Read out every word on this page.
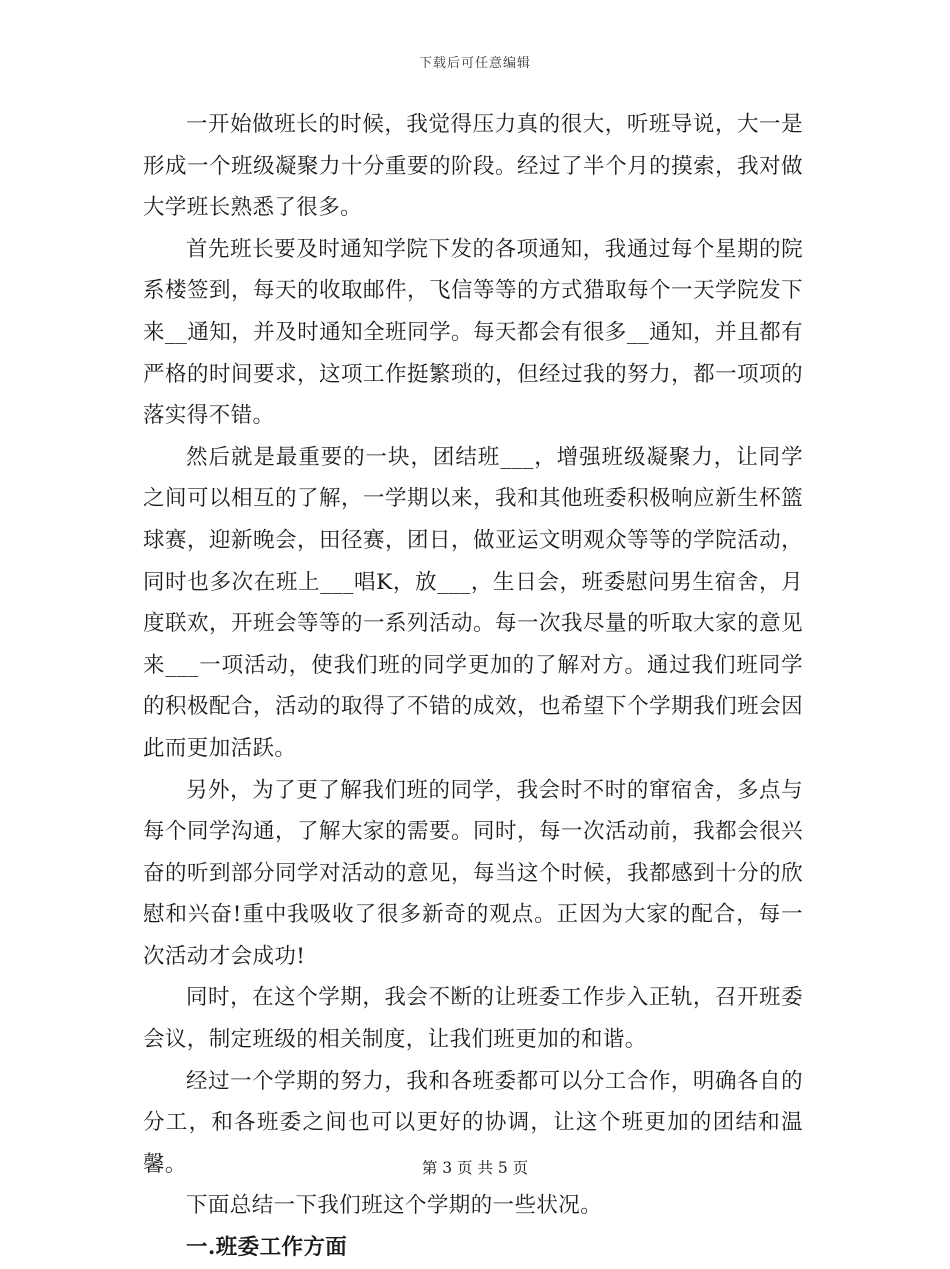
下载后可任意编辑

一开始做班长的时候，我觉得压力真的很大，听班导说，大一是形成一个班级凝聚力十分重要的阶段。经过了半个月的摸索，我对做大学班长熟悉了很多。

首先班长要及时通知学院下发的各项通知，我通过每个星期的院系楼签到，每天的收取邮件，飞信等等的方式猎取每个一天学院发下来__通知，并及时通知全班同学。每天都会有很多__通知，并且都有严格的时间要求，这项工作挺繁琐的，但经过我的努力，都一项项的落实得不错。

然后就是最重要的一块，团结班___，增强班级凝聚力，让同学之间可以相互的了解，一学期以来，我和其他班委积极响应新生杯篮球赛，迎新晚会，田径赛，团日，做亚运文明观众等等的学院活动，同时也多次在班上___唱K，放___，生日会，班委慰问男生宿舍，月度联欢，开班会等等的一系列活动。每一次我尽量的听取大家的意见来___一项活动，使我们班的同学更加的了解对方。通过我们班同学的积极配合，活动的取得了不错的成效，也希望下个学期我们班会因此而更加活跃。

另外，为了更了解我们班的同学，我会时不时的窜宿舍，多点与每个同学沟通，了解大家的需要。同时，每一次活动前，我都会很兴奋的听到部分同学对活动的意见，每当这个时候，我都感到十分的欣慰和兴奋!重中我吸收了很多新奇的观点。正因为大家的配合，每一次活动才会成功!

同时，在这个学期，我会不断的让班委工作步入正轨，召开班委会议，制定班级的相关制度，让我们班更加的和谐。

经过一个学期的努力，我和各班委都可以分工合作，明确各自的分工，和各班委之间也可以更好的协调，让这个班更加的团结和温馨。

下面总结一下我们班这个学期的一些状况。

一.班委工作方面

第 3 页 共 5 页
